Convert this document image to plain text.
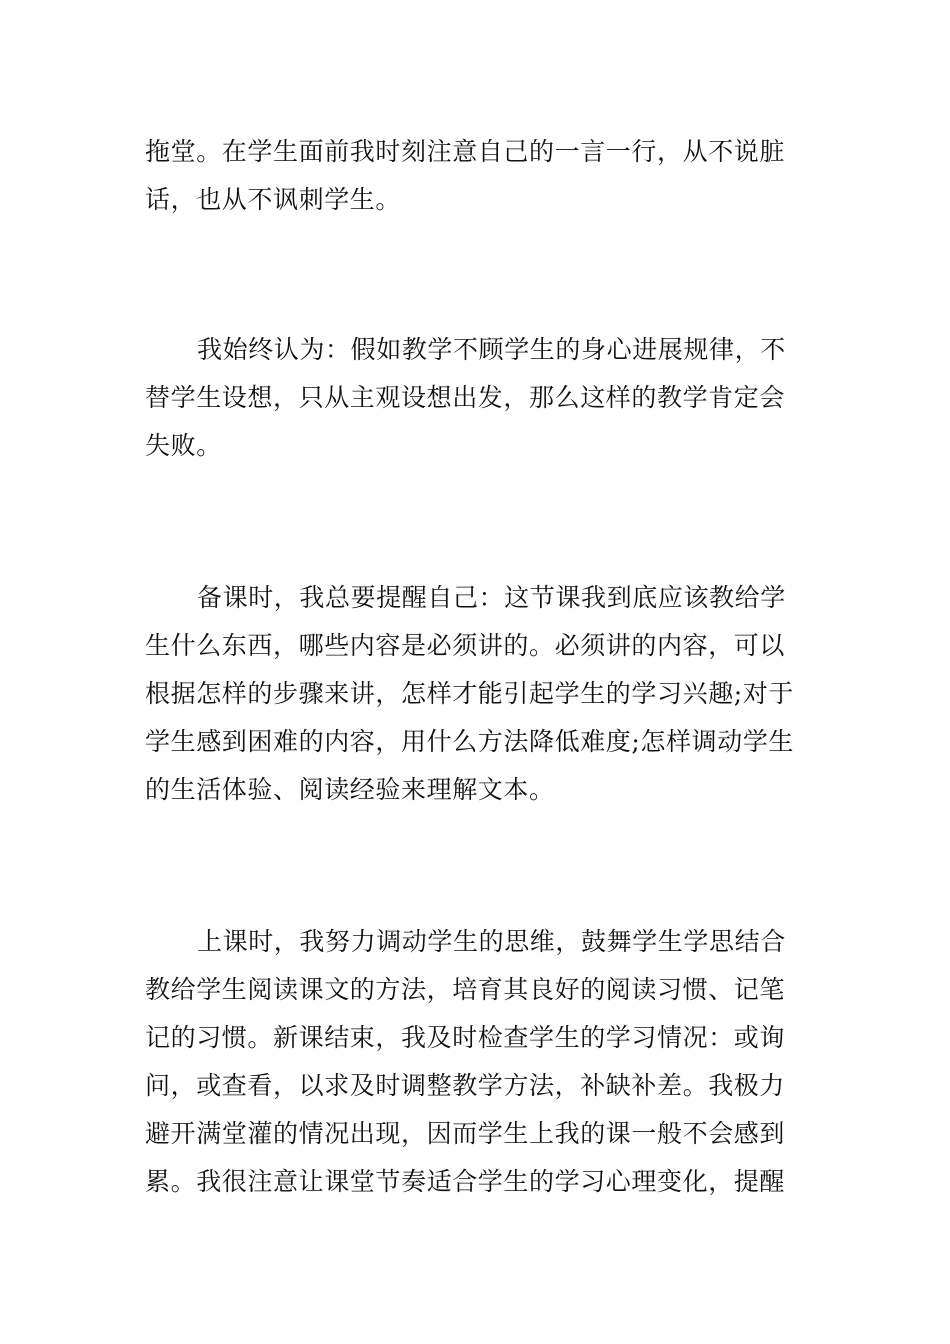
拖堂。在学生面前我时刻注意自己的一言一行，从不说脏
话，也从不讽刺学生。
我始终认为：假如教学不顾学生的身心进展规律，不
替学生设想，只从主观设想出发，那么这样的教学肯定会
失败。
备课时，我总要提醒自己：这节课我到底应该教给学
生什么东西，哪些内容是必须讲的。必须讲的内容，可以
根据怎样的步骤来讲，怎样才能引起学生的学习兴趣;对于
学生感到困难的内容，用什么方法降低难度;怎样调动学生
的生活体验、阅读经验来理解文本。
上课时，我努力调动学生的思维，鼓舞学生学思结合
教给学生阅读课文的方法，培育其良好的阅读习惯、记笔
记的习惯。新课结束，我及时检查学生的学习情况：或询
问，或查看，以求及时调整教学方法，补缺补差。我极力
避开满堂灌的情况出现，因而学生上我的课一般不会感到
累。我很注意让课堂节奏适合学生的学习心理变化，提醒
